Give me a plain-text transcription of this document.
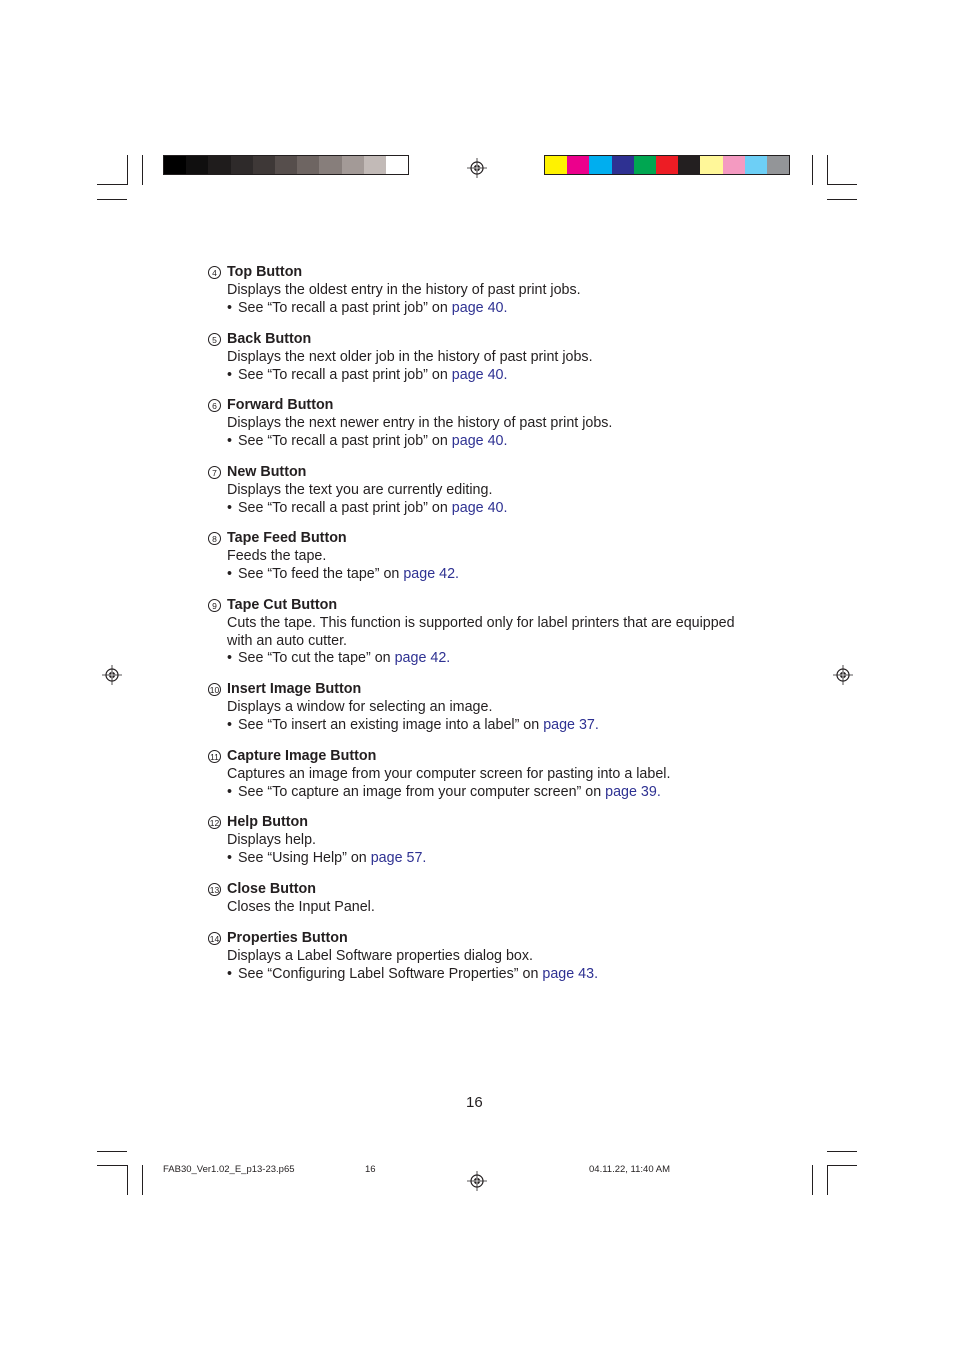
4 Top Button
Displays the oldest entry in the history of past print jobs.
• See “To recall a past print job” on page 40.
5 Back Button
Displays the next older job in the history of past print jobs.
• See “To recall a past print job” on page 40.
6 Forward Button
Displays the next newer entry in the history of past print jobs.
• See “To recall a past print job” on page 40.
7 New Button
Displays the text you are currently editing.
• See “To recall a past print job” on page 40.
8 Tape Feed Button
Feeds the tape.
• See “To feed the tape” on page 42.
9 Tape Cut Button
Cuts the tape. This function is supported only for label printers that are equipped
with an auto cutter.
• See “To cut the tape” on page 42.
10 Insert Image Button
Displays a window for selecting an image.
• See “To insert an existing image into a label” on page 37.
11 Capture Image Button
Captures an image from your computer screen for pasting into a label.
• See “To capture an image from your computer screen” on page 39.
12 Help Button
Displays help.
• See “Using Help” on page 57.
13 Close Button
Closes the Input Panel.
14 Properties Button
Displays a Label Software properties dialog box.
• See “Configuring Label Software Properties” on page 43.
16
FAB30_Ver1.02_E_p13-23.p65	16	04.11.22, 11:40 AM
